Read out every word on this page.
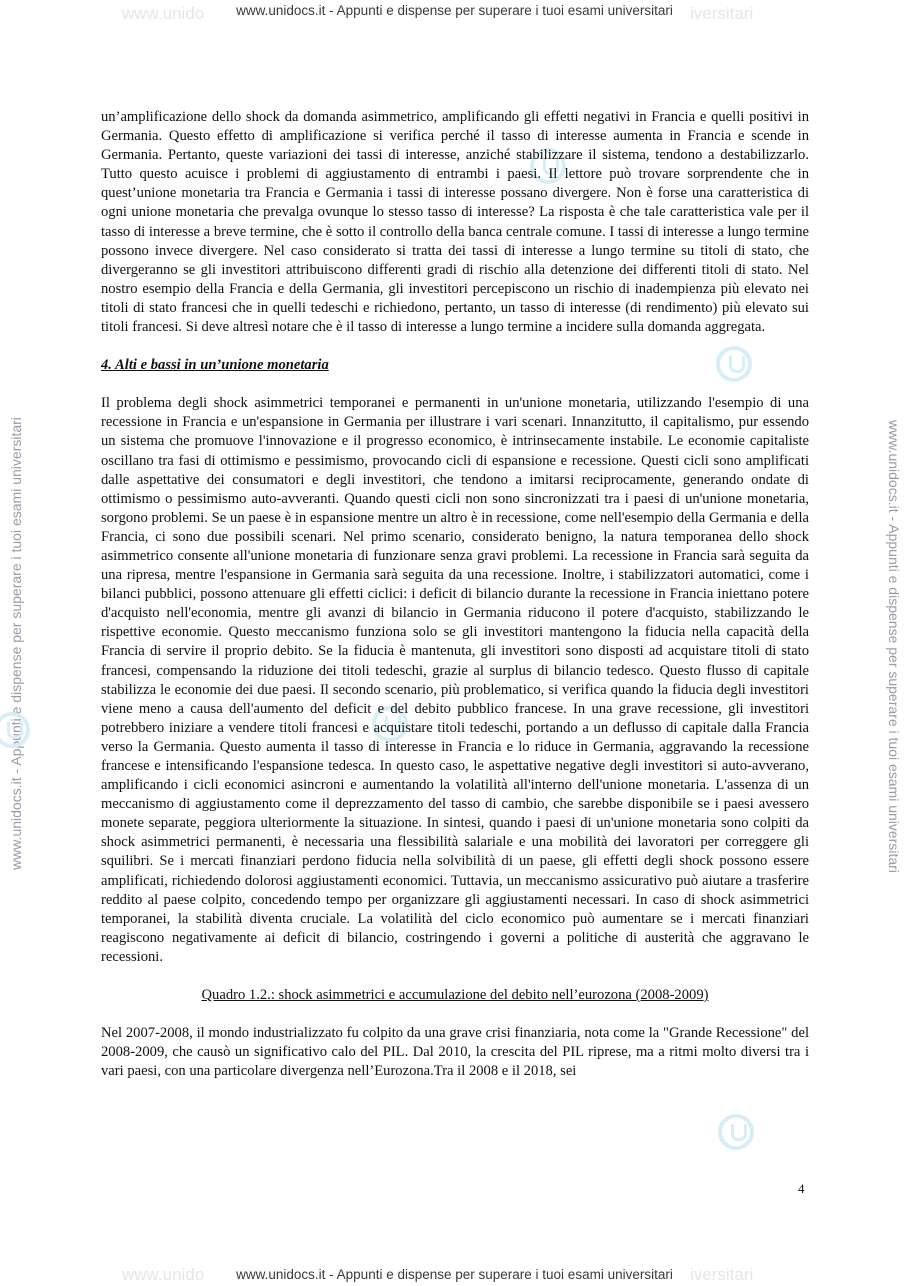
www.unido	iversitari
www.unido	iversitari
www.unidocs.it - Appunti e dispense per superare i tuoi esami universitari
www.unidocs.it - Appunti e dispense per superare i tuoi esami universitari
www.unidocs.it - Appunti e dispense per superare i tuoi esami universitari	www.unidocs.it - Appunti e dispense per superare i tuoi esami universitari

un’amplificazione dello shock da domanda asimmetrico, amplificando gli effetti negativi in Francia e quelli positivi in Germania. Questo effetto di amplificazione si verifica perché il tasso di interesse aumenta in Francia e scende in Germania. Pertanto, queste variazioni dei tassi di interesse, anziché stabilizzare il sistema, tendono a destabilizzarlo. Tutto questo acuisce i problemi di aggiustamento di entrambi i paesi. Il lettore può trovare sorprendente che in quest’unione monetaria tra Francia e Germania i tassi di interesse possano divergere. Non è forse una caratteristica di ogni unione monetaria che prevalga ovunque lo stesso tasso di interesse? La risposta è che tale caratteristica vale per il tasso di interesse a breve termine, che è sotto il controllo della banca centrale comune. I tassi di interesse a lungo termine possono invece divergere. Nel caso considerato si tratta dei tassi di interesse a lungo termine su titoli di stato, che divergeranno se gli investitori attribuiscono differenti gradi di rischio alla detenzione dei differenti titoli di stato. Nel nostro esempio della Francia e della Germania, gli investitori percepiscono un rischio di inadempienza più elevato nei titoli di stato francesi che in quelli tedeschi e richiedono, pertanto, un tasso di interesse (di rendimento) più elevato sui titoli francesi. Si deve altresì notare che è il tasso di interesse a lungo termine a incidere sulla domanda aggregata.

4. Alti e bassi in un’unione monetaria

Il problema degli shock asimmetrici temporanei e permanenti in un'unione monetaria, utilizzando l'esempio di una recessione in Francia e un'espansione in Germania per illustrare i vari scenari. Innanzitutto, il capitalismo, pur essendo un sistema che promuove l'innovazione e il progresso economico, è intrinsecamente instabile. Le economie capitaliste oscillano tra fasi di ottimismo e pessimismo, provocando cicli di espansione e recessione. Questi cicli sono amplificati dalle aspettative dei consumatori e degli investitori, che tendono a imitarsi reciprocamente, generando ondate di ottimismo o pessimismo auto-avveranti. Quando questi cicli non sono sincronizzati tra i paesi di un'unione monetaria, sorgono problemi. Se un paese è in espansione mentre un altro è in recessione, come nell'esempio della Germania e della Francia, ci sono due possibili scenari. Nel primo scenario, considerato benigno, la natura temporanea dello shock asimmetrico consente all'unione monetaria di funzionare senza gravi problemi. La recessione in Francia sarà seguita da una ripresa, mentre l'espansione in Germania sarà seguita da una recessione. Inoltre, i stabilizzatori automatici, come i bilanci pubblici, possono attenuare gli effetti ciclici: i deficit di bilancio durante la recessione in Francia iniettano potere d'acquisto nell'economia, mentre gli avanzi di bilancio in Germania riducono il potere d'acquisto, stabilizzando le rispettive economie. Questo meccanismo funziona solo se gli investitori mantengono la fiducia nella capacità della Francia di servire il proprio debito. Se la fiducia è mantenuta, gli investitori sono disposti ad acquistare titoli di stato francesi, compensando la riduzione dei titoli tedeschi, grazie al surplus di bilancio tedesco. Questo flusso di capitale stabilizza le economie dei due paesi. Il secondo scenario, più problematico, si verifica quando la fiducia degli investitori viene meno a causa dell'aumento del deficit e del debito pubblico francese. In una grave recessione, gli investitori potrebbero iniziare a vendere titoli francesi e acquistare titoli tedeschi, portando a un deflusso di capitale dalla Francia verso la Germania. Questo aumenta il tasso di interesse in Francia e lo riduce in Germania, aggravando la recessione francese e intensificando l'espansione tedesca. In questo caso, le aspettative negative degli investitori si auto-avverano, amplificando i cicli economici asincroni e aumentando la volatilità all'interno dell'unione monetaria. L'assenza di un meccanismo di aggiustamento come il deprezzamento del tasso di cambio, che sarebbe disponibile se i paesi avessero monete separate, peggiora ulteriormente la situazione. In sintesi, quando i paesi di un'unione monetaria sono colpiti da shock asimmetrici permanenti, è necessaria una flessibilità salariale e una mobilità dei lavoratori per correggere gli squilibri. Se i mercati finanziari perdono fiducia nella solvibilità di un paese, gli effetti degli shock possono essere amplificati, richiedendo dolorosi aggiustamenti economici. Tuttavia, un meccanismo assicurativo può aiutare a trasferire reddito al paese colpito, concedendo tempo per organizzare gli aggiustamenti necessari. In caso di shock asimmetrici temporanei, la stabilità diventa cruciale. La volatilità del ciclo economico può aumentare se i mercati finanziari reagiscono negativamente ai deficit di bilancio, costringendo i governi a politiche di austerità che aggravano le recessioni.

Quadro 1.2.: shock asimmetrici e accumulazione del debito nell’eurozona (2008-2009)

Nel 2007-2008, il mondo industrializzato fu colpito da una grave crisi finanziaria, nota come la "Grande Recessione" del 2008-2009, che causò un significativo calo del PIL. Dal 2010, la crescita del PIL riprese, ma a ritmi molto diversi tra i vari paesi, con una particolare divergenza nell’Eurozona.Tra il 2008 e il 2018, sei

4
